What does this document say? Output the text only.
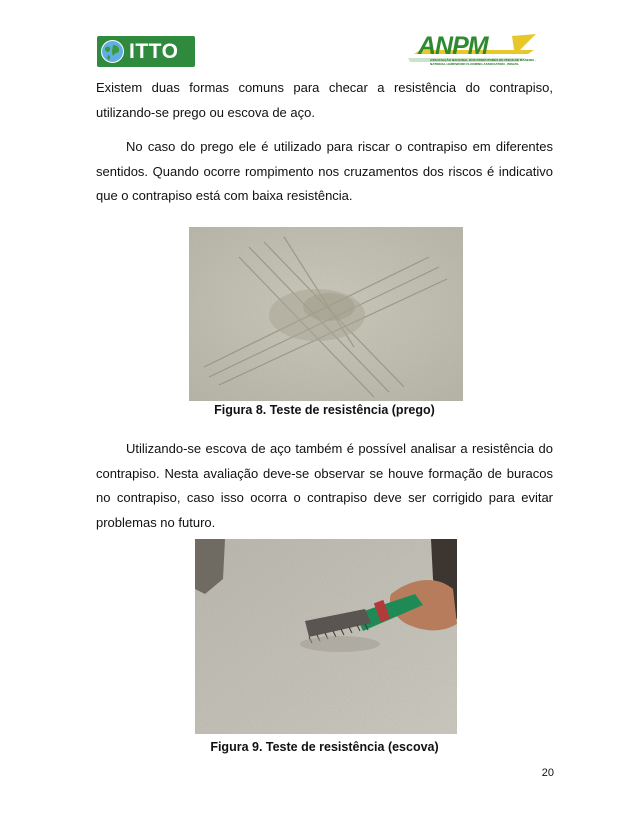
ITTO	ANPM
ASSOCIAÇÃO NACIONAL DOS PRODUTORES DE PISOS DE MADEIRA · NATIONAL HARDWOOD FLOORING ASSOCIATION - BRAZIL

Existem duas formas comuns para checar a resistência do contrapiso, utilizando-se prego ou escova de aço.

No caso do prego ele é utilizado para riscar o contrapiso em diferentes sentidos. Quando ocorre rompimento nos cruzamentos dos riscos é indicativo que o contrapiso está com baixa resistência.

Figura 8. Teste de resistência (prego)

Utilizando-se escova de aço também é possível analisar a resistência do contrapiso. Nesta avaliação deve-se observar se houve formação de buracos no contrapiso, caso isso ocorra o contrapiso deve ser corrigido para evitar problemas no futuro.

Figura 9. Teste de resistência (escova)
20
